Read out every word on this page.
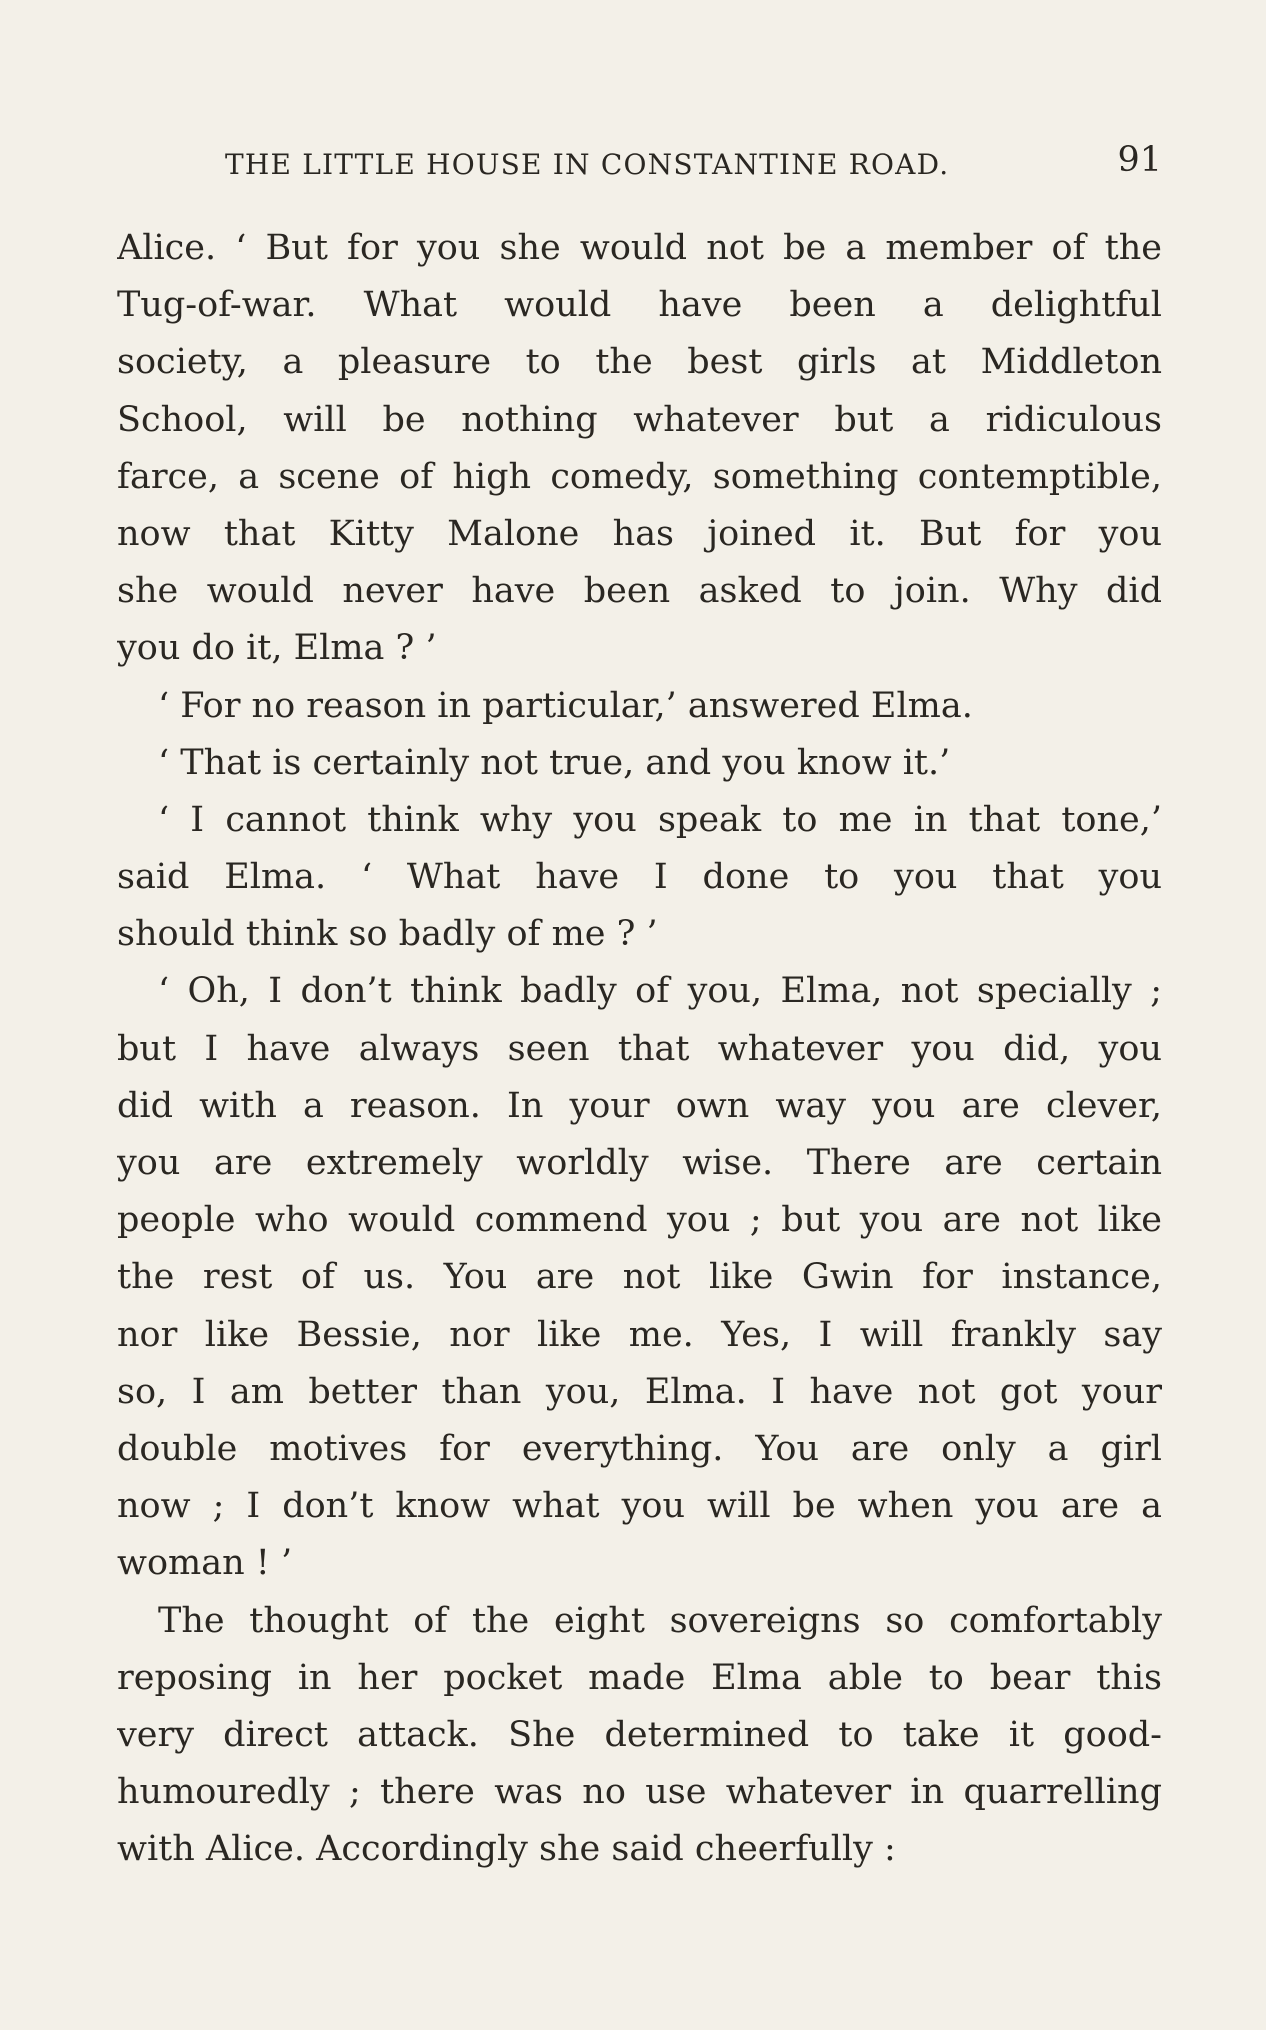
THE LITTLE HOUSE IN CONSTANTINE ROAD.	91
Alice. ‘ But for you she would not be a member of the
Tug-of-war. What would have been a delightful
society, a pleasure to the best girls at Middleton
School, will be nothing whatever but a ridiculous
farce, a scene of high comedy, something contemptible,
now that Kitty Malone has joined it. But for you
she would never have been asked to join. Why did
you do it, Elma ? ’
‘ For no reason in particular,’ answered Elma.
‘ That is certainly not true, and you know it.’
‘ I cannot think why you speak to me in that tone,’
said Elma. ‘ What have I done to you that you
should think so badly of me ? ’
‘ Oh, I don’t think badly of you, Elma, not specially ;
but I have always seen that whatever you did, you
did with a reason. In your own way you are clever,
you are extremely worldly wise. There are certain
people who would commend you ; but you are not like
the rest of us. You are not like Gwin for instance,
nor like Bessie, nor like me. Yes, I will frankly say
so, I am better than you, Elma. I have not got your
double motives for everything. You are only a girl
now ; I don’t know what you will be when you are a
woman ! ’
The thought of the eight sovereigns so comfortably
reposing in her pocket made Elma able to bear this
very direct attack. She determined to take it good-
humouredly ; there was no use whatever in quarrelling
with Alice. Accordingly she said cheerfully :
